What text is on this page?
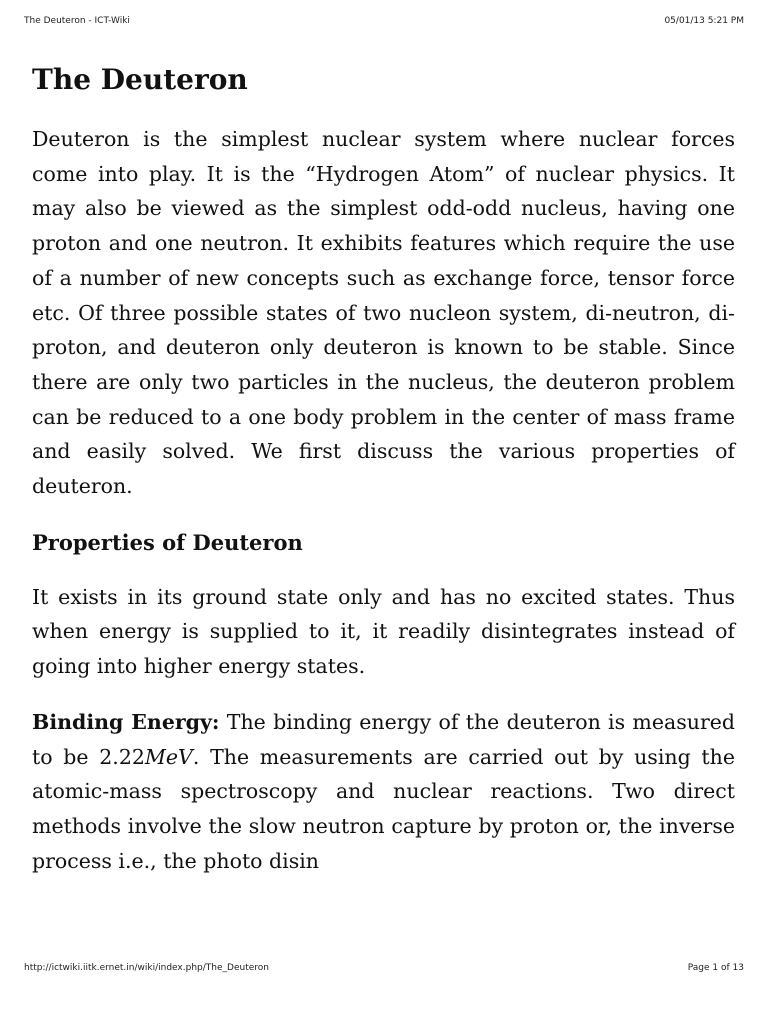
The Deuteron - ICT-Wiki	05/01/13 5:21 PM
The Deuteron

Deuteron is the simplest nuclear system where nuclear forces come into play. It is the “Hydrogen Atom” of nuclear physics. It may also be viewed as the simplest odd-odd nucleus, having one proton and one neutron. It exhibits features which require the use of a number of new concepts such as exchange force, tensor force etc. Of three possible states of two nucleon system, di-neutron, di-proton, and deuteron only deuteron is known to be stable. Since there are only two particles in the nucleus, the deuteron problem can be reduced to a one body problem in the center of mass frame and easily solved. We first discuss the various properties of deuteron.

Properties of Deuteron

It exists in its ground state only and has no excited states. Thus when energy is supplied to it, it readily disintegrates instead of going into higher energy states.

Binding Energy: The binding energy of the deuteron is measured to be 2.22MeV. The measurements are carried out by using the atomic-mass spectroscopy and nuclear reactions. Two direct methods involve the slow neutron capture by proton or, the inverse process i.e., the photo disin

http://ictwiki.iitk.ernet.in/wiki/index.php/The_Deuteron	Page 1 of 13
